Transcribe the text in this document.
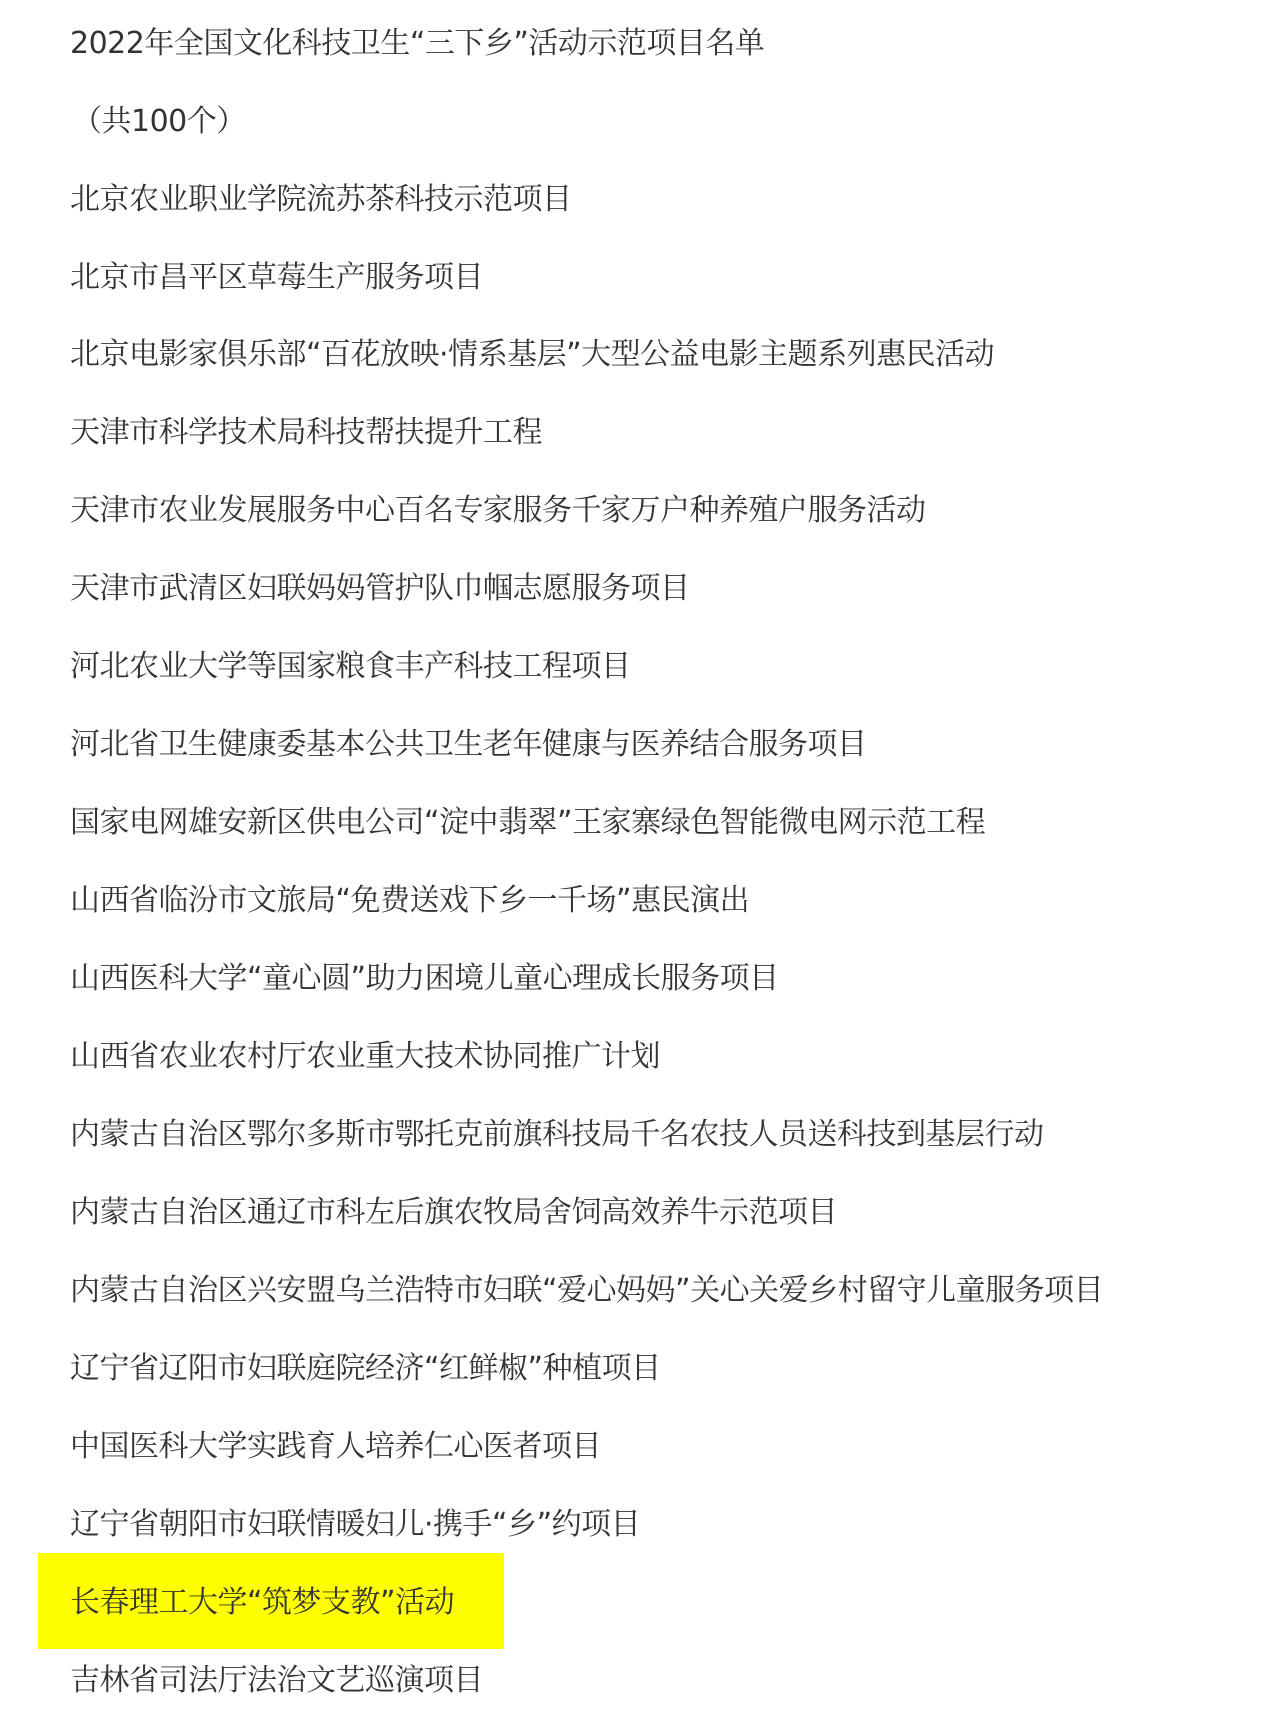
2022年全国文化科技卫生“三下乡”活动示范项目名单
（共100个）
北京农业职业学院流苏茶科技示范项目
北京市昌平区草莓生产服务项目
北京电影家俱乐部“百花放映·情系基层”大型公益电影主题系列惠民活动
天津市科学技术局科技帮扶提升工程
天津市农业发展服务中心百名专家服务千家万户种养殖户服务活动
天津市武清区妇联妈妈管护队巾帼志愿服务项目
河北农业大学等国家粮食丰产科技工程项目
河北省卫生健康委基本公共卫生老年健康与医养结合服务项目
国家电网雄安新区供电公司“淀中翡翠”王家寨绿色智能微电网示范工程
山西省临汾市文旅局“免费送戏下乡一千场”惠民演出
山西医科大学“童心圆”助力困境儿童心理成长服务项目
山西省农业农村厅农业重大技术协同推广计划
内蒙古自治区鄂尔多斯市鄂托克前旗科技局千名农技人员送科技到基层行动
内蒙古自治区通辽市科左后旗农牧局舍饲高效养牛示范项目
内蒙古自治区兴安盟乌兰浩特市妇联“爱心妈妈”关心关爱乡村留守儿童服务项目
辽宁省辽阳市妇联庭院经济“红鲜椒”种植项目
中国医科大学实践育人培养仁心医者项目
辽宁省朝阳市妇联情暖妇儿·携手“乡”约项目
长春理工大学“筑梦支教”活动
吉林省司法厅法治文艺巡演项目
